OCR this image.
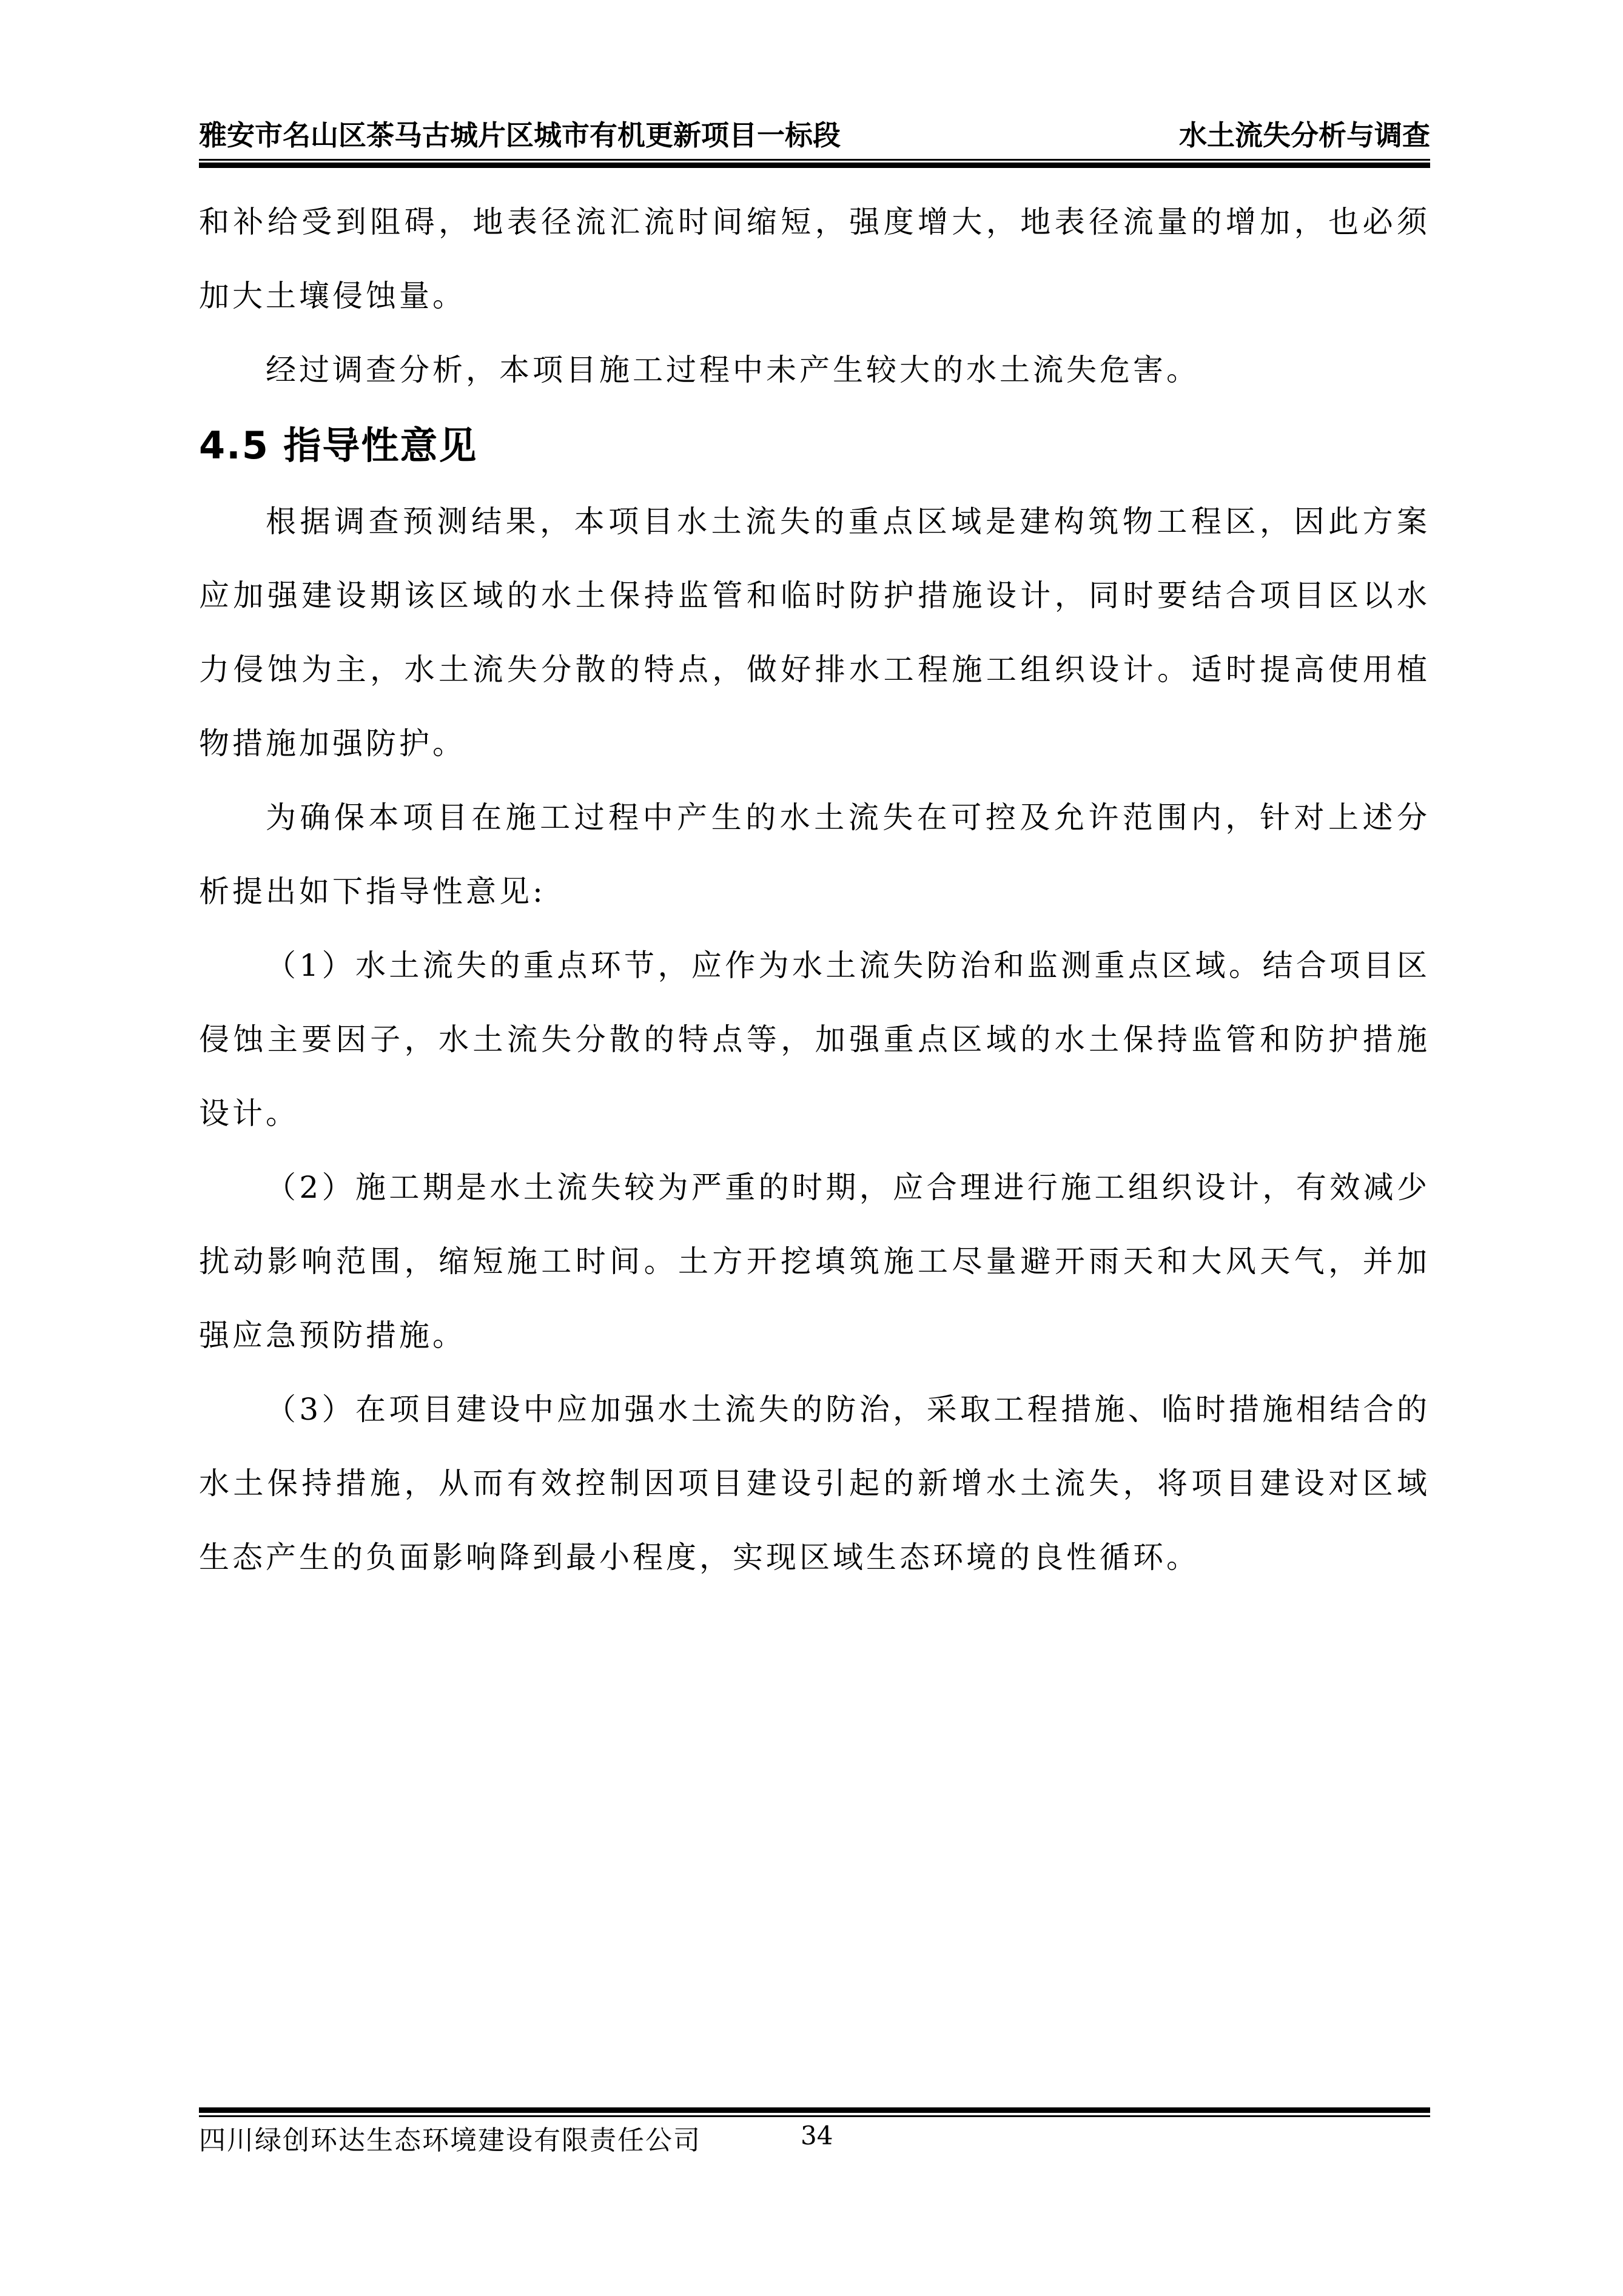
雅安市名山区茶马古城片区城市有机更新项目一标段	水土流失分析与调查

和补给受到阻碍，地表径流汇流时间缩短，强度增大，地表径流量的增加，也必须加大土壤侵蚀量。

经过调查分析，本项目施工过程中未产生较大的水土流失危害。

4.5 指导性意见

根据调查预测结果，本项目水土流失的重点区域是建构筑物工程区，因此方案应加强建设期该区域的水土保持监管和临时防护措施设计，同时要结合项目区以水力侵蚀为主，水土流失分散的特点，做好排水工程施工组织设计。适时提高使用植物措施加强防护。

为确保本项目在施工过程中产生的水土流失在可控及允许范围内，针对上述分析提出如下指导性意见:

（1）水土流失的重点环节，应作为水土流失防治和监测重点区域。结合项目区侵蚀主要因子，水土流失分散的特点等，加强重点区域的水土保持监管和防护措施设计。

（2）施工期是水土流失较为严重的时期，应合理进行施工组织设计，有效减少扰动影响范围，缩短施工时间。土方开挖填筑施工尽量避开雨天和大风天气，并加强应急预防措施。

（3）在项目建设中应加强水土流失的防治，采取工程措施、临时措施相结合的水土保持措施，从而有效控制因项目建设引起的新增水土流失，将项目建设对区域生态产生的负面影响降到最小程度，实现区域生态环境的良性循环。

四川绿创环达生态环境建设有限责任公司	34
